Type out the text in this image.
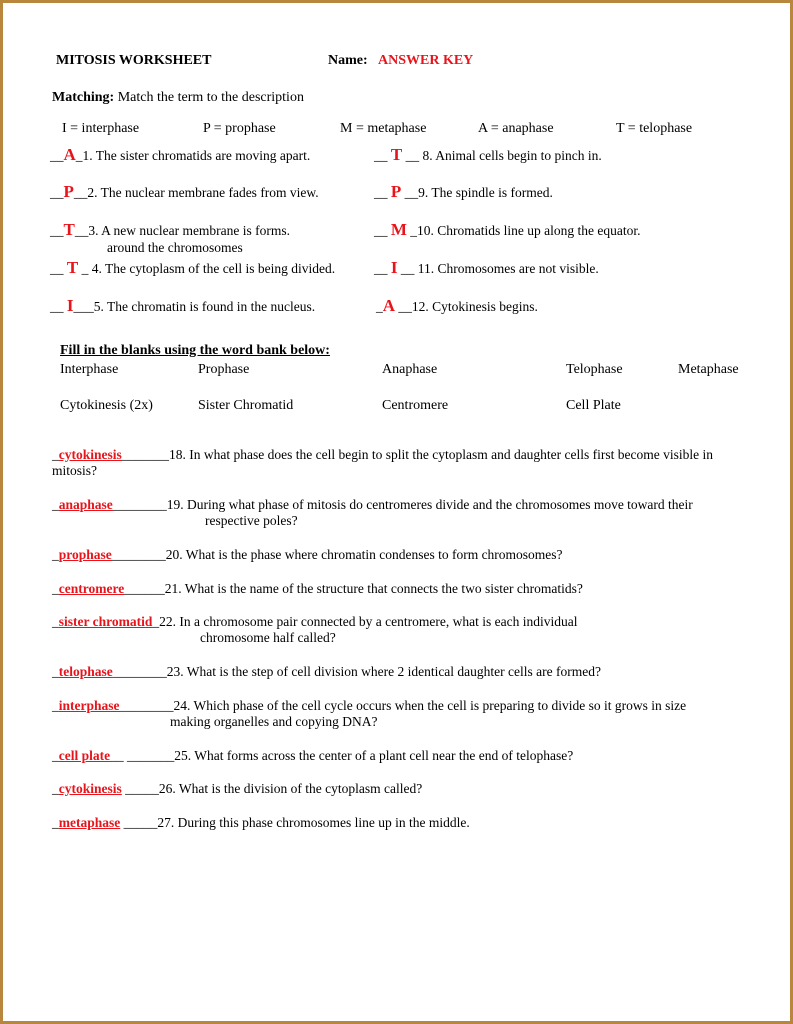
MITOSIS WORKSHEET	Name: ANSWER KEY
Matching: Match the term to the description
I = interphase	P = prophase	M = metaphase	A = anaphase	T = telophase
__A_1. The sister chromatids are moving apart.
__P__2. The nuclear membrane fades from view.
__T__3. A new nuclear membrane is forms.
around the chromosomes
__ T _ 4. The cytoplasm of the cell is being divided.
__ I___5. The chromatin is found in the nucleus.
__ T __ 8. Animal cells begin to pinch in.
__ P __9. The spindle is formed.
__ M _10. Chromatids line up along the equator.
__ I __ 11. Chromosomes are not visible.
_A __12. Cytokinesis begins.
Fill in the blanks using the word bank below:
Interphase	Prophase	Anaphase	Telophase	Metaphase
Cytokinesis (2x)	Sister Chromatid	Centromere	Cell Plate
_cytokinesis_______18. In what phase does the cell begin to split the cytoplasm and daughter cells first become visible in
mitosis?
_anaphase________19. During what phase of mitosis do centromeres divide and the chromosomes move toward their
respective poles?
_prophase________20. What is the phase where chromatin condenses to form chromosomes?
_centromere______21. What is the name of the structure that connects the two sister chromatids?
_sister chromatid_22. In a chromosome pair connected by a centromere, what is each individual
chromosome half called?
_telophase________23. What is the step of cell division where 2 identical daughter cells are formed?
_interphase________24. Which phase of the cell cycle occurs when the cell is preparing to divide so it grows in size
making organelles and copying DNA?
_cell plate__ _______25. What forms across the center of a plant cell near the end of telophase?
_cytokinesis _____26. What is the division of the cytoplasm called?
_metaphase _____27. During this phase chromosomes line up in the middle.
